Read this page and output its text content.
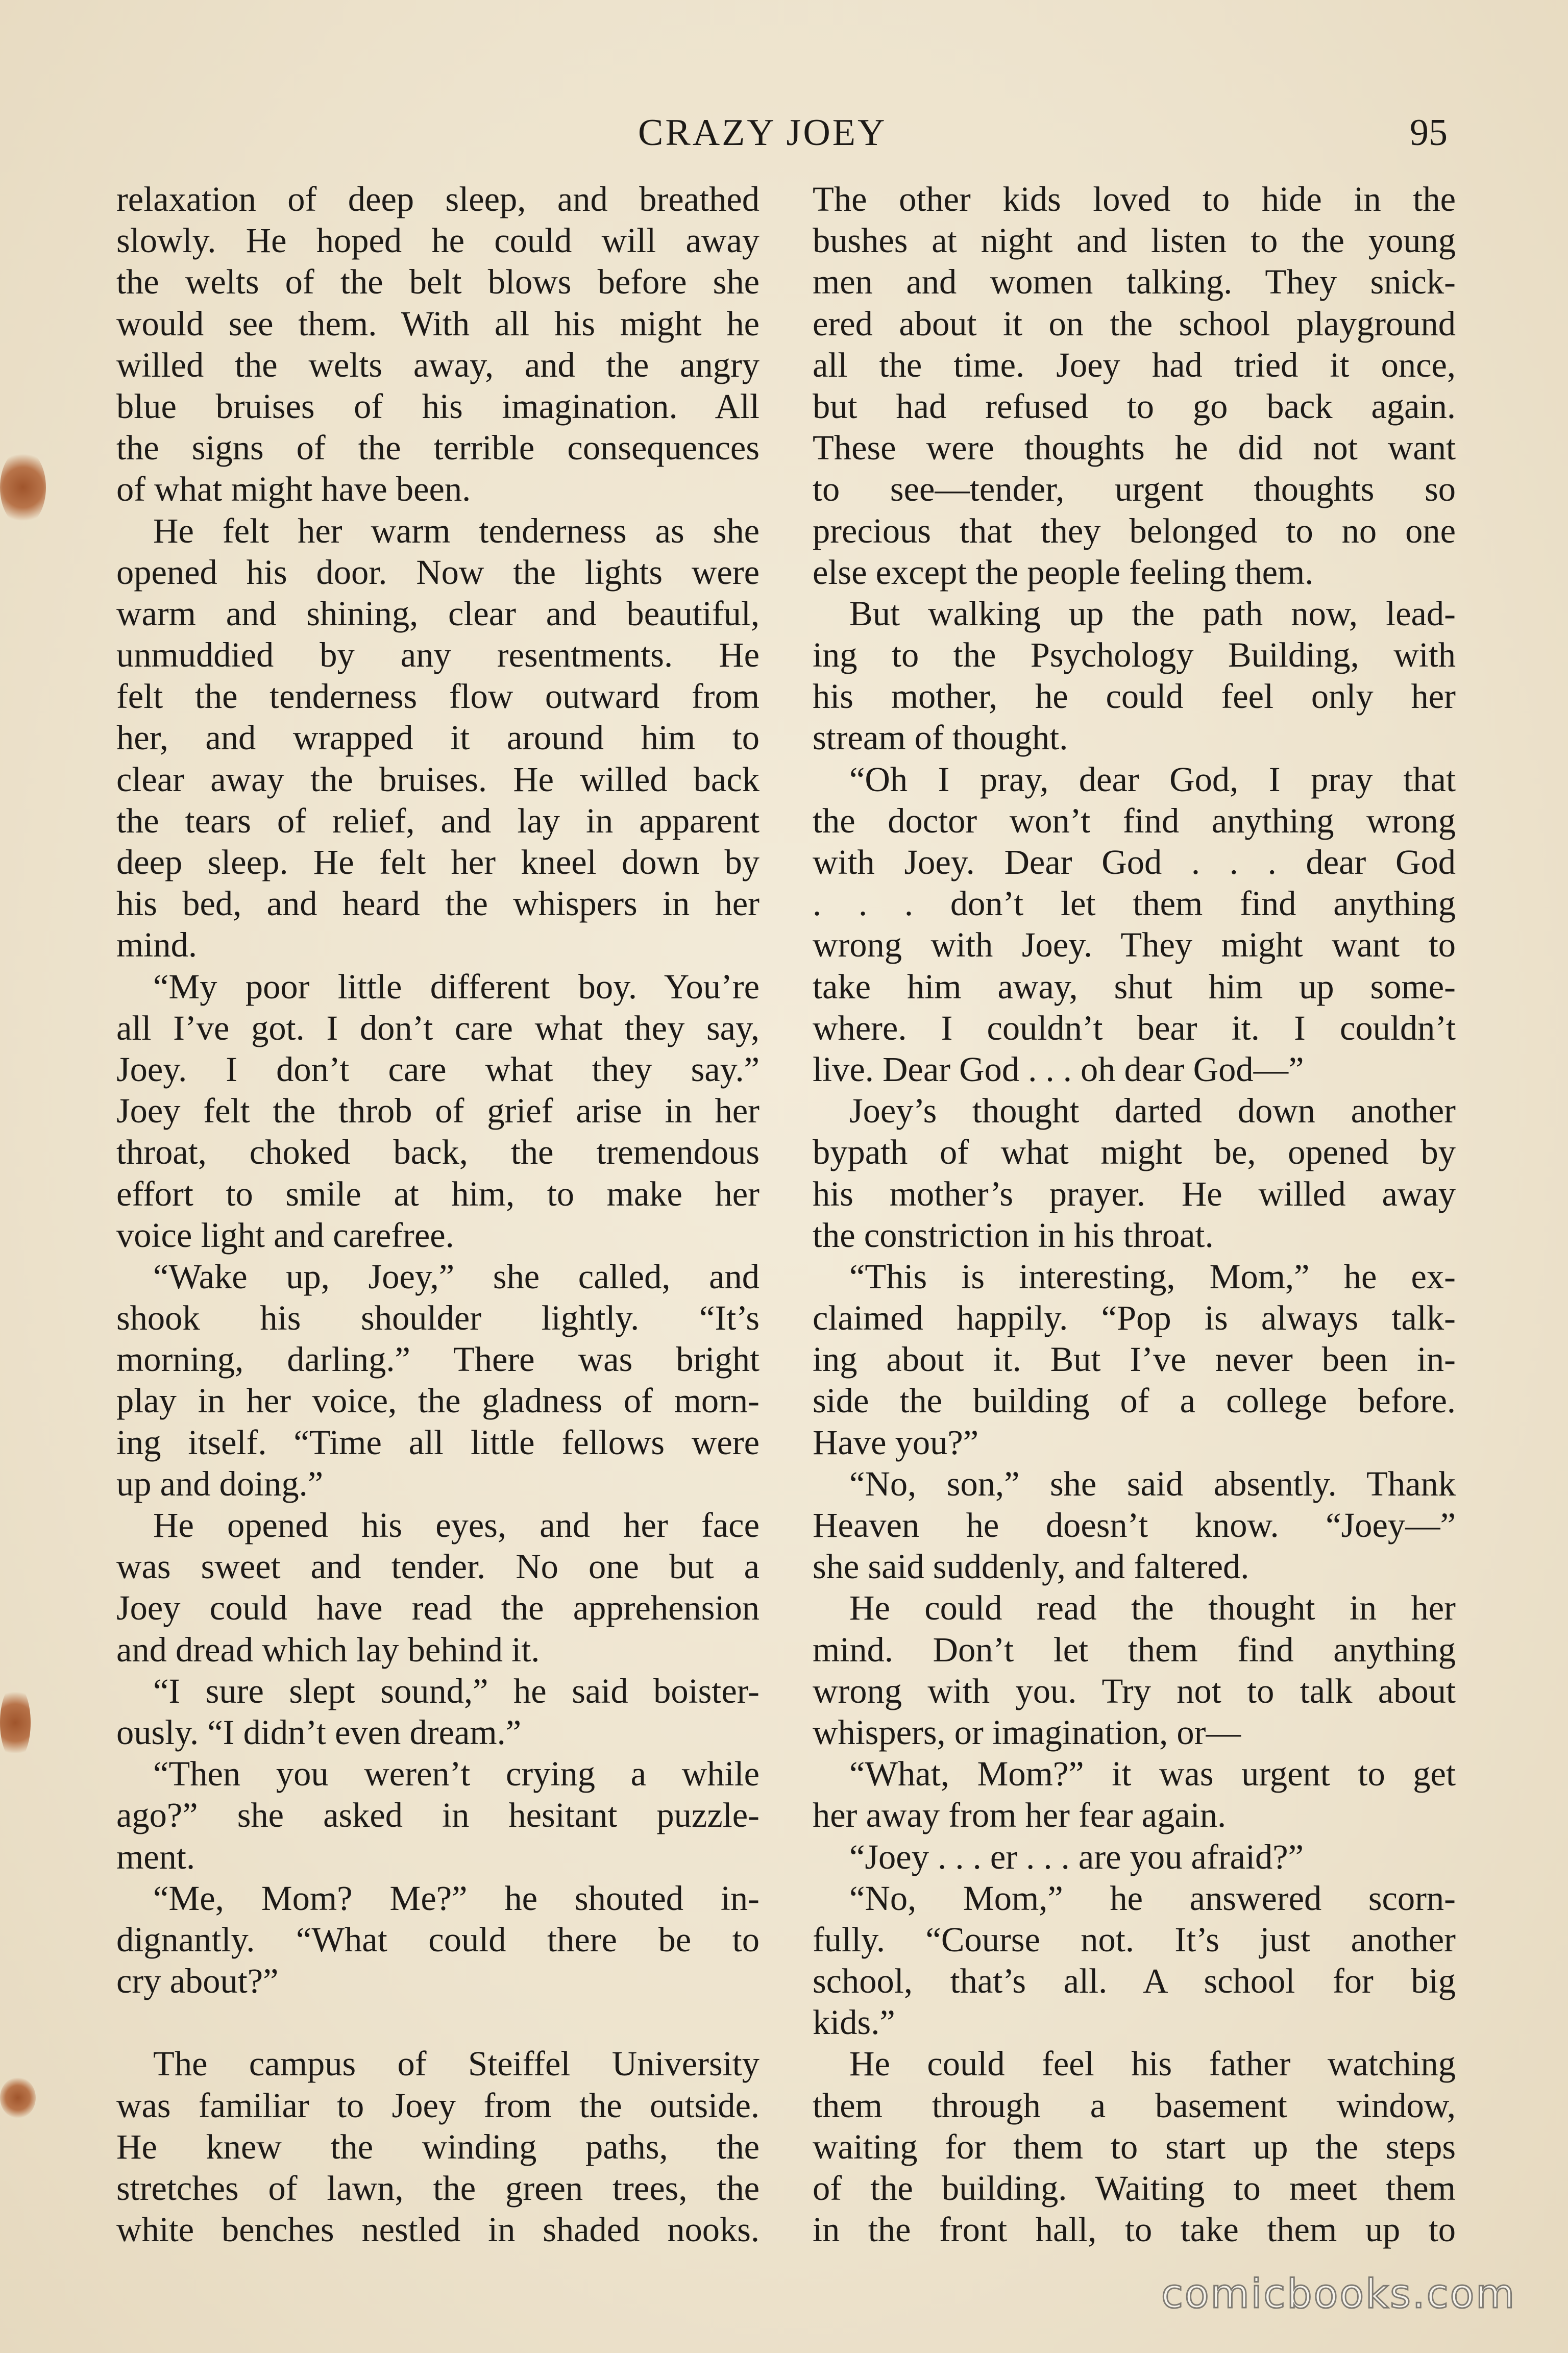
CRAZY JOEY	95
relaxation of deep sleep, and breathed
slowly. He hoped he could will away
the welts of the belt blows before she
would see them. With all his might he
willed the welts away, and the angry
blue bruises of his imagination. All
the signs of the terrible consequences
of what might have been.
He felt her warm tenderness as she
opened his door. Now the lights were
warm and shining, clear and beautiful,
unmuddied by any resentments. He
felt the tenderness flow outward from
her, and wrapped it around him to
clear away the bruises. He willed back
the tears of relief, and lay in apparent
deep sleep. He felt her kneel down by
his bed, and heard the whispers in her
mind.
“My poor little different boy. You’re
all I’ve got. I don’t care what they say,
Joey. I don’t care what they say.”
Joey felt the throb of grief arise in her
throat, choked back, the tremendous
effort to smile at him, to make her
voice light and carefree.
“Wake up, Joey,” she called, and
shook his shoulder lightly. “It’s
morning, darling.” There was bright
play in her voice, the gladness of morn-
ing itself. “Time all little fellows were
up and doing.”
He opened his eyes, and her face
was sweet and tender. No one but a
Joey could have read the apprehension
and dread which lay behind it.
“I sure slept sound,” he said boister-
ously. “I didn’t even dream.”
“Then you weren’t crying a while
ago?” she asked in hesitant puzzle-
ment.
“Me, Mom? Me?” he shouted in-
dignantly. “What could there be to
cry about?”
The campus of Steiffel University
was familiar to Joey from the outside.
He knew the winding paths, the
stretches of lawn, the green trees, the
white benches nestled in shaded nooks.
The other kids loved to hide in the
bushes at night and listen to the young
men and women talking. They snick-
ered about it on the school playground
all the time. Joey had tried it once,
but had refused to go back again.
These were thoughts he did not want
to see—tender, urgent thoughts so
precious that they belonged to no one
else except the people feeling them.
But walking up the path now, lead-
ing to the Psychology Building, with
his mother, he could feel only her
stream of thought.
“Oh I pray, dear God, I pray that
the doctor won’t find anything wrong
with Joey. Dear God . . . dear God
. . . don’t let them find anything
wrong with Joey. They might want to
take him away, shut him up some-
where. I couldn’t bear it. I couldn’t
live. Dear God . . . oh dear God—”
Joey’s thought darted down another
bypath of what might be, opened by
his mother’s prayer. He willed away
the constriction in his throat.
“This is interesting, Mom,” he ex-
claimed happily. “Pop is always talk-
ing about it. But I’ve never been in-
side the building of a college before.
Have you?”
“No, son,” she said absently. Thank
Heaven he doesn’t know. “Joey—”
she said suddenly, and faltered.
He could read the thought in her
mind. Don’t let them find anything
wrong with you. Try not to talk about
whispers, or imagination, or—
“What, Mom?” it was urgent to get
her away from her fear again.
“Joey . . . er . . . are you afraid?”
“No, Mom,” he answered scorn-
fully. “Course not. It’s just another
school, that’s all. A school for big
kids.”
He could feel his father watching
them through a basement window,
waiting for them to start up the steps
of the building. Waiting to meet them
in the front hall, to take them up to
comicbooks.com
